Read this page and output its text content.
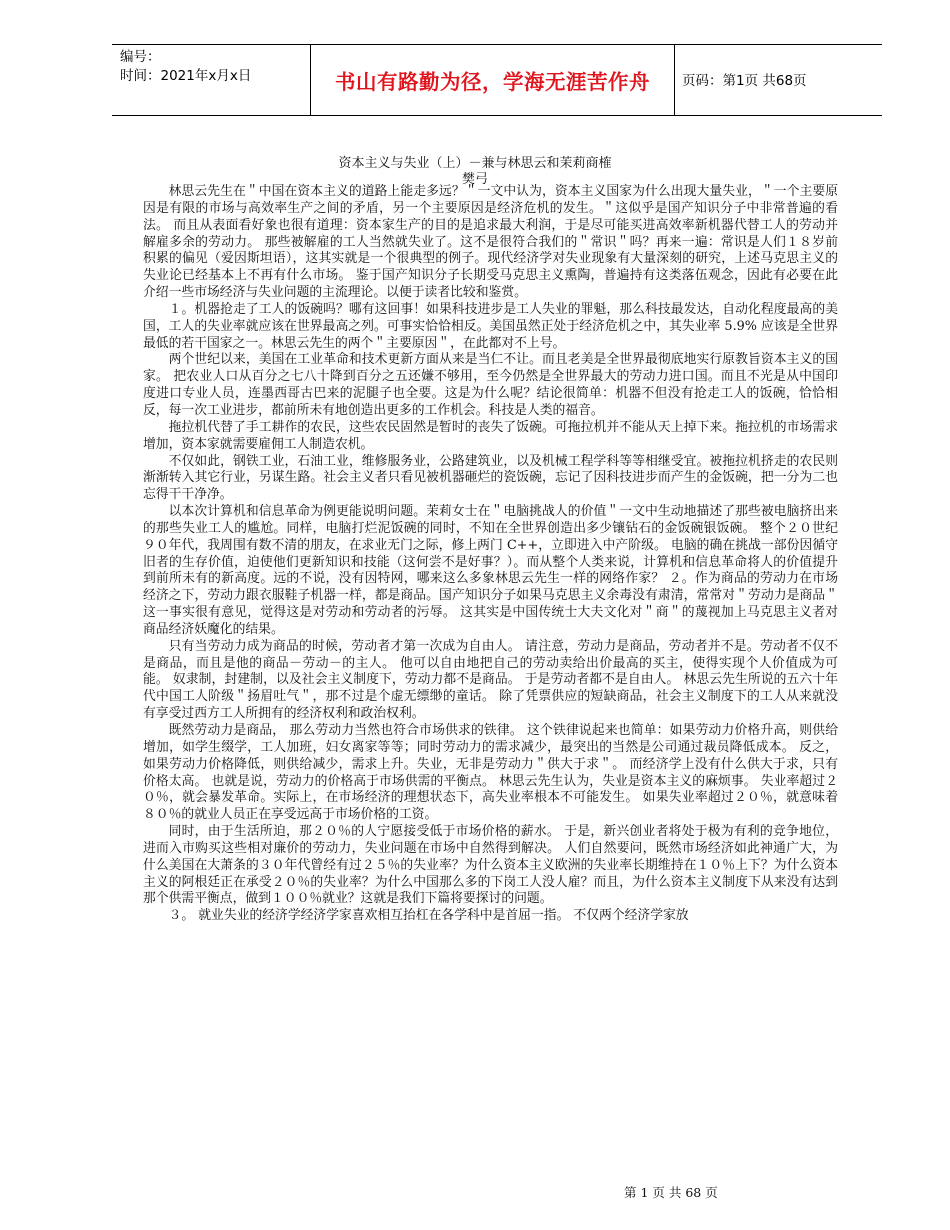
编号：
时间：2021年x月x日	书山有路勤为径，学海无涯苦作舟	页码：第1页 共68页
资本主义与失业（上）－兼与林思云和茉莉商榷
樊弓

林思云先生在＂中国在资本主义的道路上能走多远？＂一文中认为，资本主义国家为什么出现大量失业，＂一个主要原因是有限的市场与高效率生产之间的矛盾，另一个主要原因是经济危机的发生。＂这似乎是国产知识分子中非常普遍的看法。 而且从表面看好象也很有道理：资本家生产的目的是追求最大利润，于是尽可能买进高效率新机器代替工人的劳动并解雇多余的劳动力。 那些被解雇的工人当然就失业了。这不是很符合我们的＂常识＂吗？再来一遍：常识是人们１８岁前积累的偏见（爱因斯坦语），这其实就是一个很典型的例子。现代经济学对失业现象有大量深刻的研究，上述马克思主义的失业论已经基本上不再有什么市场。 鉴于国产知识分子长期受马克思主义熏陶，普遍持有这类落伍观念，因此有必要在此介绍一些市场经济与失业问题的主流理论。以便于读者比较和鉴赏。

１。机器抢走了工人的饭碗吗？哪有这回事！如果科技进步是工人失业的罪魁，那么科技最发达，自动化程度最高的美国，工人的失业率就应该在世界最高之列。可事实恰恰相反。美国虽然正处于经济危机之中，其失业率 5.9% 应该是全世界最低的若干国家之一。林思云先生的两个＂主要原因＂，在此都对不上号。

两个世纪以来，美国在工业革命和技术更新方面从来是当仁不让。而且老美是全世界最彻底地实行原教旨资本主义的国家。 把农业人口从百分之七八十降到百分之五还嫌不够用，至今仍然是全世界最大的劳动力进口国。而且不光是从中国印度进口专业人员，连墨西哥古巴来的泥腿子也全要。这是为什么呢？结论很简单：机器不但没有抢走工人的饭碗，恰恰相反，每一次工业进步，都前所未有地创造出更多的工作机会。科技是人类的福音。

拖拉机代替了手工耕作的农民，这些农民固然是暂时的丧失了饭碗。可拖拉机并不能从天上掉下来。拖拉机的市场需求增加，资本家就需要雇佣工人制造农机。

不仅如此，钢铁工业，石油工业，维修服务业，公路建筑业，以及机械工程学科等等相继受宜。被拖拉机挤走的农民则渐渐转入其它行业，另谋生路。社会主义者只看见被机器砸烂的瓷饭碗，忘记了因科技进步而产生的金饭碗，把一分为二也忘得干干净净。

以本次计算机和信息革命为例更能说明问题。茉莉女士在＂电脑挑战人的价值＂一文中生动地描述了那些被电脑挤出来的那些失业工人的尴尬。同样，电脑打烂泥饭碗的同时，不知在全世界创造出多少镶钻石的金饭碗银饭碗。 整个２０世纪９０年代，我周围有数不清的朋友，在求业无门之际，修上两门 C++，立即进入中产阶级。 电脑的确在挑战一部份因循守旧者的生存价值，迫使他们更新知识和技能（这何尝不是好事？）。而从整个人类来说，计算机和信息革命将人的价值提升到前所未有的新高度。远的不说，没有因特网，哪来这么多象林思云先生一样的网络作家？ ２。作为商品的劳动力在市场经济之下，劳动力跟衣服鞋子机器一样，都是商品。国产知识分子如果马克思主义余毒没有肃清，常常对＂劳动力是商品＂这一事实很有意见，觉得这是对劳动和劳动者的污辱。 这其实是中国传统士大夫文化对＂商＂的蔑视加上马克思主义者对商品经济妖魔化的结果。

只有当劳动力成为商品的时候，劳动者才第一次成为自由人。 请注意，劳动力是商品，劳动者并不是。劳动者不仅不是商品，而且是他的商品－劳动－的主人。 他可以自由地把自己的劳动卖给出价最高的买主，使得实现个人价值成为可能。 奴隶制，封建制，以及社会主义制度下，劳动力都不是商品。 于是劳动者都不是自由人。 林思云先生所说的五六十年代中国工人阶级＂扬眉吐气＂，那不过是个虚无缥缈的童话。 除了凭票供应的短缺商品，社会主义制度下的工人从来就没有享受过西方工人所拥有的经济权利和政治权利。

既然劳动力是商品， 那么劳动力当然也符合市场供求的铁律。 这个铁律说起来也简单：如果劳动力价格升高，则供给增加，如学生缀学，工人加班，妇女离家等等；同时劳动力的需求减少，最突出的当然是公司通过裁员降低成本。 反之，如果劳动力价格降低，则供给减少，需求上升。失业，无非是劳动力＂供大于求＂。 而经济学上没有什么供大于求，只有价格太高。 也就是说，劳动力的价格高于市场供需的平衡点。 林思云先生认为，失业是资本主义的麻烦事。 失业率超过２０％，就会暴发革命。实际上，在市场经济的理想状态下，高失业率根本不可能发生。 如果失业率超过２０％，就意味着８０％的就业人员正在享受远高于市场价格的工资。

同时，由于生活所迫，那２０％的人宁愿接受低于市场价格的薪水。 于是，新兴创业者将处于极为有利的竞争地位， 进而入市购买这些相对廉价的劳动力，失业问题在市场中自然得到解决。 人们自然要问，既然市场经济如此神通广大，为什么美国在大萧条的３０年代曾经有过２５％的失业率？为什么资本主义欧洲的失业率长期维持在１０％上下？为什么资本主义的阿根廷正在承受２０％的失业率？为什么中国那么多的下岗工人没人雇？而且，为什么资本主义制度下从来没有达到那个供需平衡点，做到１００％就业？这就是我们下篇将要探讨的问题。

３。 就业失业的经济学经济学家喜欢相互抬杠在各学科中是首屈一指。 不仅两个经济学家放

第 1 页 共 68 页
